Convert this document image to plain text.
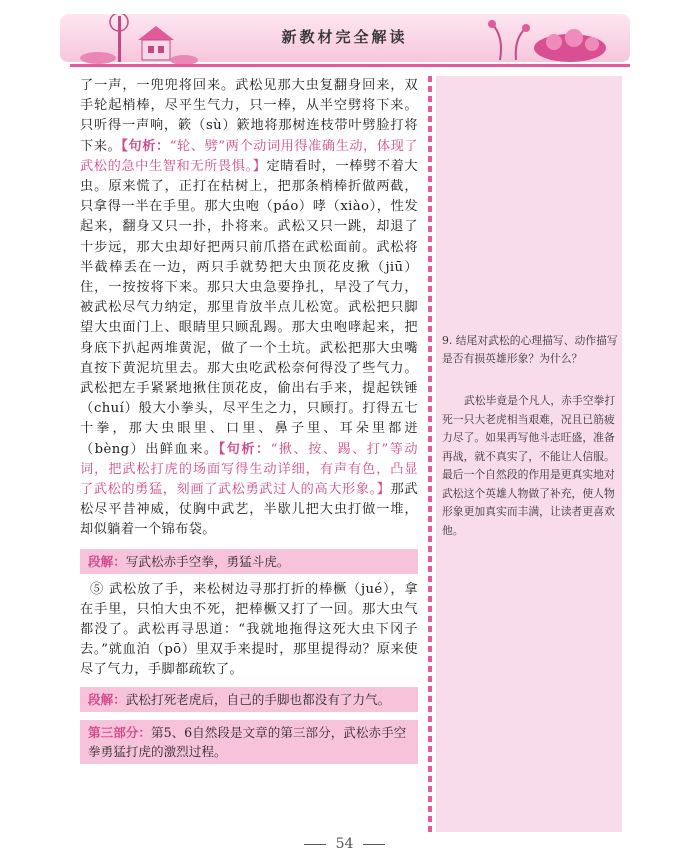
新教材完全解读

了一声，一兜兜将回来。武松见那大虫复翻身回来，双手轮起梢棒，尽平生气力，只一棒，从半空劈将下来。只听得一声响，簌（sù）簌地将那树连枝带叶劈脸打将下来。【句析：“轮、劈”两个动词用得准确生动，体现了武松的急中生智和无所畏惧。】定睛看时，一棒劈不着大虫。原来慌了，正打在枯树上，把那条梢棒折做两截，只拿得一半在手里。那大虫咆（páo）哮（xiào），性发起来，翻身又只一扑，扑将来。武松又只一跳，却退了十步远，那大虫却好把两只前爪搭在武松面前。武松将半截棒丢在一边，两只手就势把大虫顶花皮揪（jiū）住，一按按将下来。那只大虫急要挣扎，早没了气力，被武松尽气力纳定，那里肯放半点儿松宽。武松把只脚望大虫面门上、眼睛里只顾乱踢。那大虫咆哮起来，把身底下扒起两堆黄泥，做了一个土坑。武松把那大虫嘴直按下黄泥坑里去。那大虫吃武松奈何得没了些气力。武松把左手紧紧地揪住顶花皮，偷出右手来，提起铁锤（chuí）般大小拳头，尽平生之力，只顾打。打得五七十拳，那大虫眼里、口里、鼻子里、耳朵里都迸（bèng）出鲜血来。【句析：“揪、按、踢、打”等动词，把武松打虎的场面写得生动详细，有声有色，凸显了武松的勇猛，刻画了武松勇武过人的高大形象。】那武松尽平昔神威，仗胸中武艺，半歇儿把大虫打做一堆，却似躺着一个锦布袋。

段解：写武松赤手空拳，勇猛斗虎。

⑤ 武松放了手，来松树边寻那打折的棒橛（jué），拿在手里，只怕大虫不死，把棒橛又打了一回。那大虫气都没了。武松再寻思道：“我就地拖得这死大虫下冈子去。”就血泊（pō）里双手来提时，那里提得动？原来使尽了气力，手脚都疏软了。

段解：武松打死老虎后，自己的手脚也都没有了力气。
第三部分：第5、6自然段是文章的第三部分，武松赤手空拳勇猛打虎的激烈过程。
9. 结尾对武松的心理描写、动作描写是否有损英雄形象？为什么？
武松毕竟是个凡人，赤手空拳打死一只大老虎相当艰难，况且已筋疲力尽了。如果再写他斗志旺盛，准备再战，就不真实了，不能让人信服。最后一个自然段的作用是更真实地对武松这个英雄人物做了补充，使人物形象更加真实而丰满，让读者更喜欢他。
54
